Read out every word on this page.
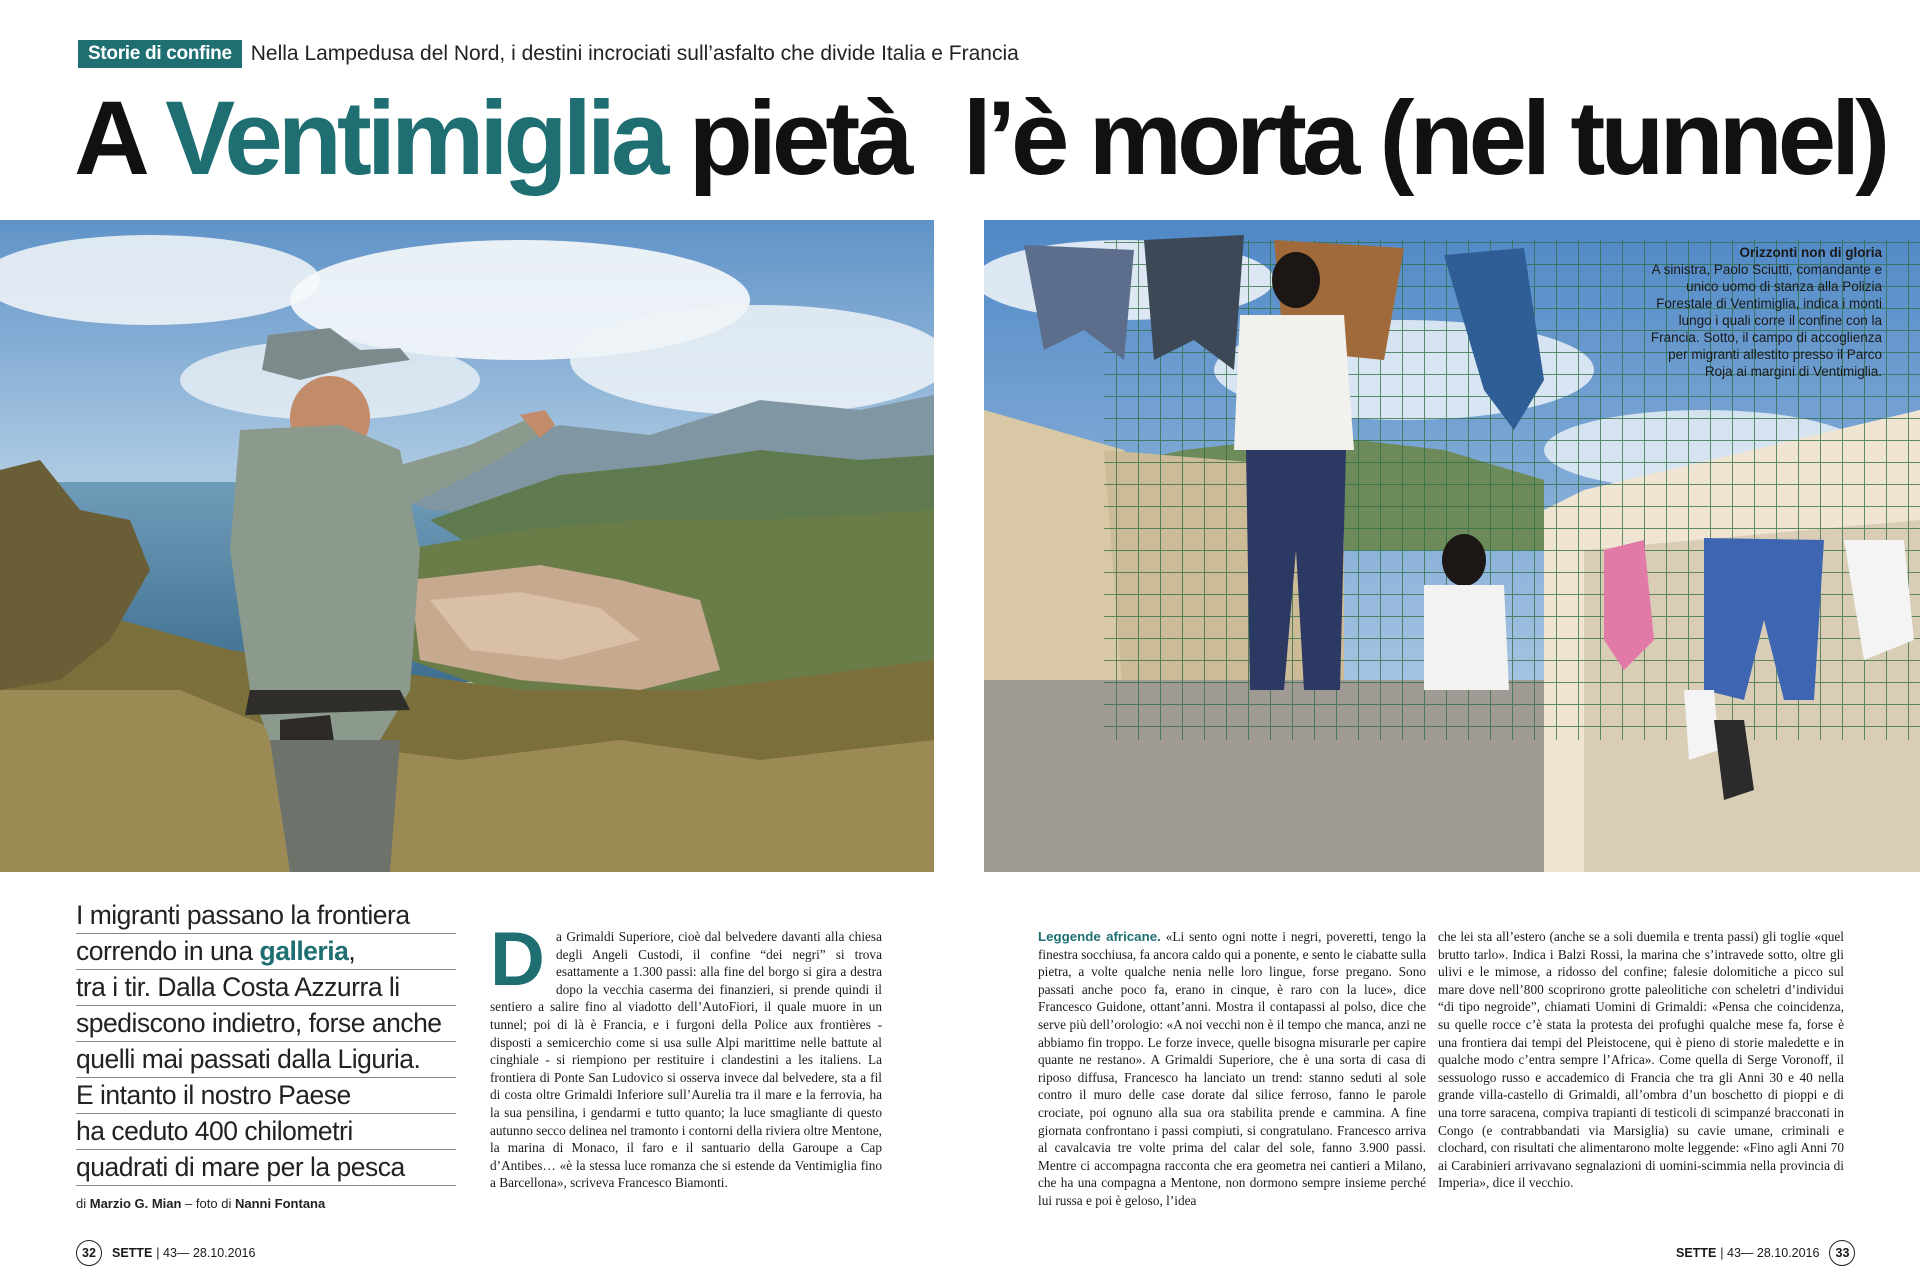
Storie di confine Nella Lampedusa del Nord, i destini incrociati sull’asfalto che divide Italia e Francia
A Ventimiglia pietà l’è morta (nel tunnel)
Orizzonti non di gloria
A sinistra, Paolo Sciutti, comandante e unico uomo di stanza alla Polizia Forestale di Ventimiglia, indica i monti lungo i quali corre il confine con la Francia. Sotto, il campo di accoglienza per migranti allestito presso il Parco Roja ai margini di Ventimiglia.
I migranti passano la frontiera
correndo in una galleria,
tra i tir. Dalla Costa Azzurra li
spediscono indietro, forse anche
quelli mai passati dalla Liguria.
E intanto il nostro Paese
ha ceduto 400 chilometri
quadrati di mare per la pesca
di Marzio G. Mian – foto di Nanni Fontana
Da Grimaldi Superiore, cioè dal belvedere davanti alla chiesa degli Angeli Custodi, il confine “dei negri” si trova esattamente a 1.300 passi: alla fine del borgo si gira a destra dopo la vecchia caserma dei finanzieri, si prende quindi il sentiero a salire fino al viadotto dell’AutoFiori, il quale muore in un tunnel; poi di là è Francia, e i furgoni della Police aux frontières - disposti a semicerchio come si usa sulle Alpi marittime nelle battute al cinghiale - si riempiono per restituire i clandestini a les italiens. La frontiera di Ponte San Ludovico si osserva invece dal belvedere, sta a fil di costa oltre Grimaldi Inferiore sull’Aurelia tra il mare e la ferrovia, ha la sua pensilina, i gendarmi e tutto quanto; la luce smagliante di questo autunno secco delinea nel tramonto i contorni della riviera oltre Mentone, la marina di Monaco, il faro e il santuario della Garoupe a Cap d’Antibes… «è la stessa luce romanza che si estende da Ventimiglia fino a Barcellona», scriveva Francesco Biamonti.
Leggende africane. «Li sento ogni notte i negri, poveretti, tengo la finestra socchiusa, fa ancora caldo qui a ponente, e sento le ciabatte sulla pietra, a volte qualche nenia nelle loro lingue, forse pregano. Sono passati anche poco fa, erano in cinque, è raro con la luce», dice Francesco Guidone, ottant’anni. Mostra il contapassi al polso, dice che serve più dell’orologio: «A noi vecchi non è il tempo che manca, anzi ne abbiamo fin troppo. Le forze invece, quelle bisogna misurarle per capire quante ne restano». A Grimaldi Superiore, che è una sorta di casa di riposo diffusa, Francesco ha lanciato un trend: stanno seduti al sole contro il muro delle case dorate dal silice ferroso, fanno le parole crociate, poi ognuno alla sua ora stabilita prende e cammina. A fine giornata confrontano i passi compiuti, si congratulano. Francesco arriva al cavalcavia tre volte prima del calar del sole, fanno 3.900 passi. Mentre ci accompagna racconta che era geometra nei cantieri a Milano, che ha una compagna a Mentone, non dormono sempre insieme perché lui russa e poi è geloso, l’idea
che lei sta all’estero (anche se a soli duemila e trenta passi) gli toglie «quel brutto tarlo». Indica i Balzi Rossi, la marina che s’intravede sotto, oltre gli ulivi e le mimose, a ridosso del confine; falesie dolomitiche a picco sul mare dove nell’800 scoprirono grotte paleolitiche con scheletri d’individui “di tipo negroide”, chiamati Uomini di Grimaldi: «Pensa che coincidenza, su quelle rocce c’è stata la protesta dei profughi qualche mese fa, forse è una frontiera dai tempi del Pleistocene, qui è pieno di storie maledette e in qualche modo c’entra sempre l’Africa». Come quella di Serge Voronoff, il sessuologo russo e accademico di Francia che tra gli Anni 30 e 40 nella grande villa-castello di Grimaldi, all’ombra d’un boschetto di pioppi e di una torre saracena, compiva trapianti di testicoli di scimpanzé bracconati in Congo (e contrabbandati via Marsiglia) su cavie umane, criminali e clochard, con risultati che alimentarono molte leggende: «Fino agli Anni 70 ai Carabinieri arrivavano segnalazioni di uomini-scimmia nella provincia di Imperia», dice il vecchio.
32	SETTE | 43— 28.10.2016	SETTE | 43— 28.10.2016	33
